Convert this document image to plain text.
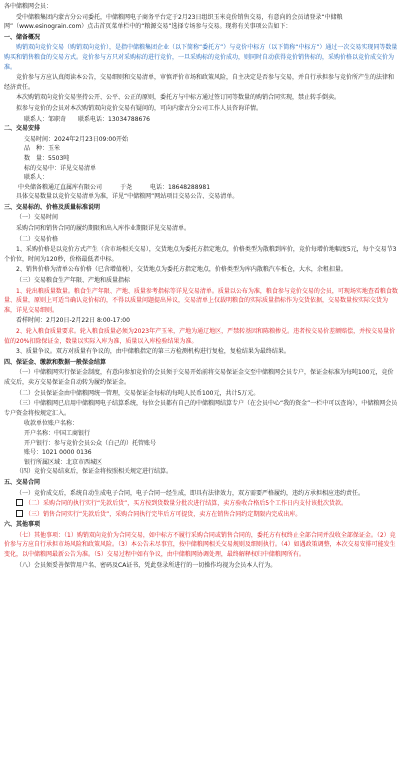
各中储粮网会员：

受中储粮集团内蒙古分公司委托，中储粮网电子商务平台定于2月23日组织玉米竞价销售交易，有意向的会员请登录“中储粮网”（www.esinograin.com）点击首页菜单栏中的“粮源交易”选择专场参与交易。现将有关事项公告如下：

一、储备概况

购销双向竞价交易（购销双向竞价），是指中储粮集团企业（以下简称“委托方”）与竞价中标方（以下简称“中标方”）通过一次交易实现同等数量购买和销售粮食的交易方式。竞价参与方只对采购标的进行竞价，一旦采购标的竞价成功，则同时自动获得竞价销售标的，采购价格以竞价成交价为准。

竞价参与方应认真阅读本公告，交易细则和交易清单，审慎评价市场和政策风险，自主决定是否参与交易，并自行承担参与竞价所产生的法律和经济责任。

本次购销双向竞价交易坚持公开、公平、公正的原则，委托方与中标方通过签订同等数量的购销合同实现，禁止转手倒卖。

拟参与竞价的会员对本次购销双向竞价交易有疑问的，可向内蒙古分公司工作人员咨询详情。

联系人：邹职奇　　联系电话：13034788676

二、交易安排

交易时间：2024年2月23日09:00开始

品　种：玉米

数　量：5503吨

标的交易中：详见交易清单

联系人：

中央储备粮通辽直属库有限公司	于尧	电话：18648288981

具体交易数量以竞价交易清单为准，详见“中储粮网”网站项目交易公告、交易清单。

三、交易标的、价格及质量标准说明

（一）交易时间

采购合同和销售合同的履约期限和出入库作业期限详见交易清单。

（二）交易价格

1、采购价格是以竞价方式产生（含市场相关交易），交货地点为委托方指定地点，价格类型为散粮到库价，竞价每增价地幅度5元，每个交易节3个价位，时间为120秒，价格最低者中标。

2、销售价格为清单公布价格（已含增值税），交货地点为委托方指定地点，价格类型为库内散粮汽车板仓，大水，余租扣量。

（三）交易粮食生产年限、产地和质量指标

1、轮出粮质量数量。粮食生产年限、产地、质量参考指标等详见交易清单。质量以公布为准，粮食参与竞价交易的会员，可现场实地查看粮食数量、质量，原则上可适当确认竞价标的，不得以质量问题提出异议，交易清单上仅载明粮食的实际质量指标作为交货依据，交易数量按实际交货为准，详见交易细则。

看样时间：2月20日-2月22日 8:00-17:00

2、轮入粮食质量要求。轮入粮食质量必须为2023年产玉米，产地为通辽地区，严禁转基因和陈粮掺兑。违者按交易价差额赔偿，并按交易量价值的20%扣除保证金，数量以实际入库为准，质量以入库检验结果为准。

3、质量争议。双方对质量有争议的，由中储粮指定的第三方检测机构进行复检，复检结果为最终结果。

四、保证金、缴款和数据一般保金结算

（一）中储粮网实行保证金制度，有意向参加竞价的会员须于交易开始前将交易保证金交至中储粮网会员专户，保证金标准为每吨100元，竞价成交后，卖方交易保证金自动转为履约保证金。

（二）会员保证金由中储粮网统一管理，交易保证金每标的每吨人民币100元，共计5万元。

（三）中储粮网已启用中储粮网电子结算系统，每位会员都有自己的中储粮网结算专户（在会员中心“我的资金”一栏中可以查询），中储粮网会员专户资金将按规定汇入。

收款单位账户名称：

开户名称：中国工商银行

开户银行：参与竞价会员公众（白己的）托管账号

账号：1021 0000 0136

银行所属区域：北京市西城区

（四）竞价交易结束后，保证金将按照相关规定进行结算。

五、交易合同

（一）竞价成交后，系统自动生成电子合同，电子合同一经生成，即具有法律效力，双方需要严格履约，违约方承担相应违约责任。

（二）采购合同的执行实行“先款后货”，买方按到货数量分批次进行结算，卖方验收合格后5个工作日内支付该批次货款。

（三）销售合同实行“先款后货”，采购合同执行完毕后方可提货，卖方在销售合同约定期限内完成出库。

六、其他事项

（七）其他事项：（1）购销双向竞价为合同交易，如中标方不履行采购合同或销售合同的，委托方有权终止全部合同并没收全部保证金。（2）竞价参与方应自行承担市场风险和政策风险。（3）本公告未尽事宜，按中储粮网相关交易规则及细则执行。（4）如遇政策调整，本次交易安排可能发生变化，以中储粮网最新公告为准。（5）交易过程中如有争议，由中储粮网协调处理，最终解释权归中储粮网所有。

（八）会员须妥善保管用户名、密码及CA证书，凭此登录所进行的一切操作均视为会员本人行为。
